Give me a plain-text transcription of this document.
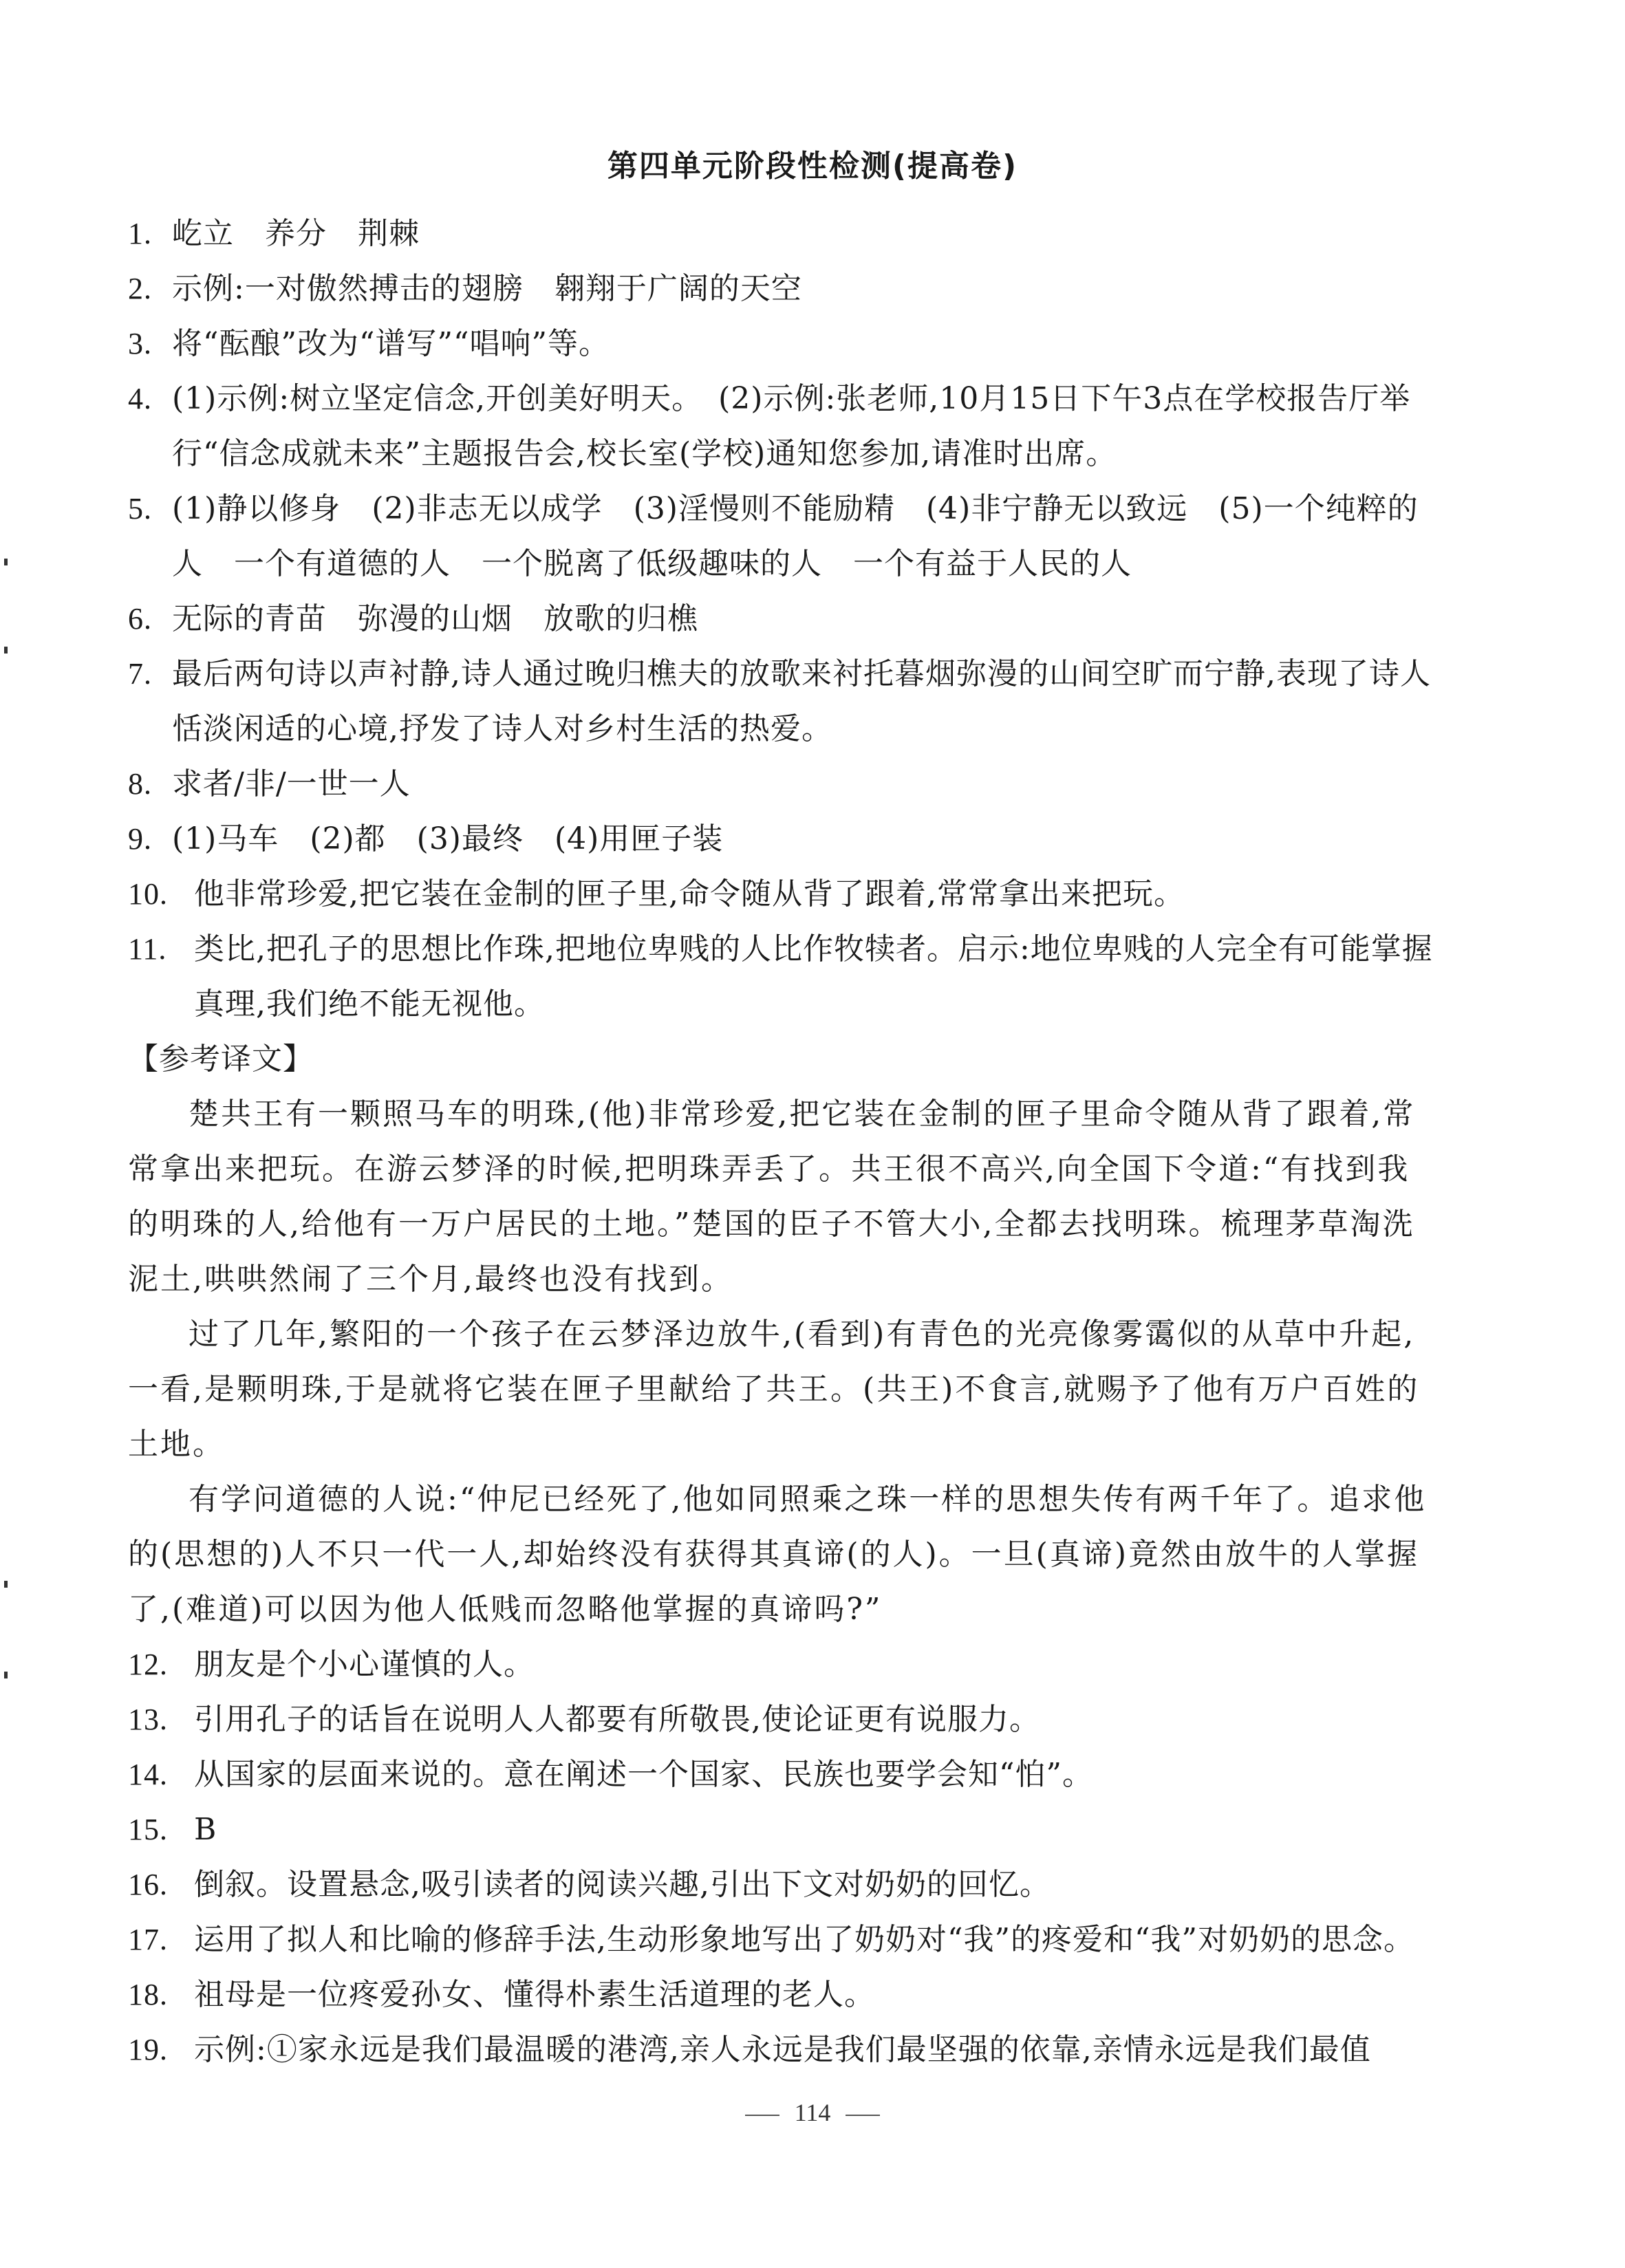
第四单元阶段性检测(提高卷)
1. 屹立　养分　荆棘
2. 示例:一对傲然搏击的翅膀　翱翔于广阔的天空
3. 将“酝酿”改为“谱写”“唱响”等。
4. (1)示例:树立坚定信念,开创美好明天。　(2)示例:张老师,10月15日下午3点在学校报告厅举行“信念成就未来”主题报告会,校长室(学校)通知您参加,请准时出席。
5. (1)静以修身　(2)非志无以成学　(3)淫慢则不能励精　(4)非宁静无以致远　(5)一个纯粹的人　一个有道德的人　一个脱离了低级趣味的人　一个有益于人民的人
6. 无际的青苗　弥漫的山烟　放歌的归樵
7. 最后两句诗以声衬静,诗人通过晚归樵夫的放歌来衬托暮烟弥漫的山间空旷而宁静,表现了诗人恬淡闲适的心境,抒发了诗人对乡村生活的热爱。
8. 求者/非/一世一人
9. (1)马车　(2)都　(3)最终　(4)用匣子装
10. 他非常珍爱,把它装在金制的匣子里,命令随从背了跟着,常常拿出来把玩。
11. 类比,把孔子的思想比作珠,把地位卑贱的人比作牧犊者。启示:地位卑贱的人完全有可能掌握真理,我们绝不能无视他。
【参考译文】
楚共王有一颗照马车的明珠,(他)非常珍爱,把它装在金制的匣子里命令随从背了跟着,常常拿出来把玩。在游云梦泽的时候,把明珠弄丢了。共王很不高兴,向全国下令道:“有找到我的明珠的人,给他有一万户居民的土地。”楚国的臣子不管大小,全都去找明珠。梳理茅草淘洗泥土,哄哄然闹了三个月,最终也没有找到。
过了几年,繁阳的一个孩子在云梦泽边放牛,(看到)有青色的光亮像雾霭似的从草中升起,一看,是颗明珠,于是就将它装在匣子里献给了共王。(共王)不食言,就赐予了他有万户百姓的土地。
有学问道德的人说:“仲尼已经死了,他如同照乘之珠一样的思想失传有两千年了。追求他的(思想的)人不只一代一人,却始终没有获得其真谛(的人)。一旦(真谛)竟然由放牛的人掌握了,(难道)可以因为他人低贱而忽略他掌握的真谛吗?”
12. 朋友是个小心谨慎的人。
13. 引用孔子的话旨在说明人人都要有所敬畏,使论证更有说服力。
14. 从国家的层面来说的。意在阐述一个国家、民族也要学会知“怕”。
15. B
16. 倒叙。设置悬念,吸引读者的阅读兴趣,引出下文对奶奶的回忆。
17. 运用了拟人和比喻的修辞手法,生动形象地写出了奶奶对“我”的疼爱和“我”对奶奶的思念。
18. 祖母是一位疼爱孙女、懂得朴素生活道理的老人。
19. 示例:①家永远是我们最温暖的港湾,亲人永远是我们最坚强的依靠,亲情永远是我们最值
114
